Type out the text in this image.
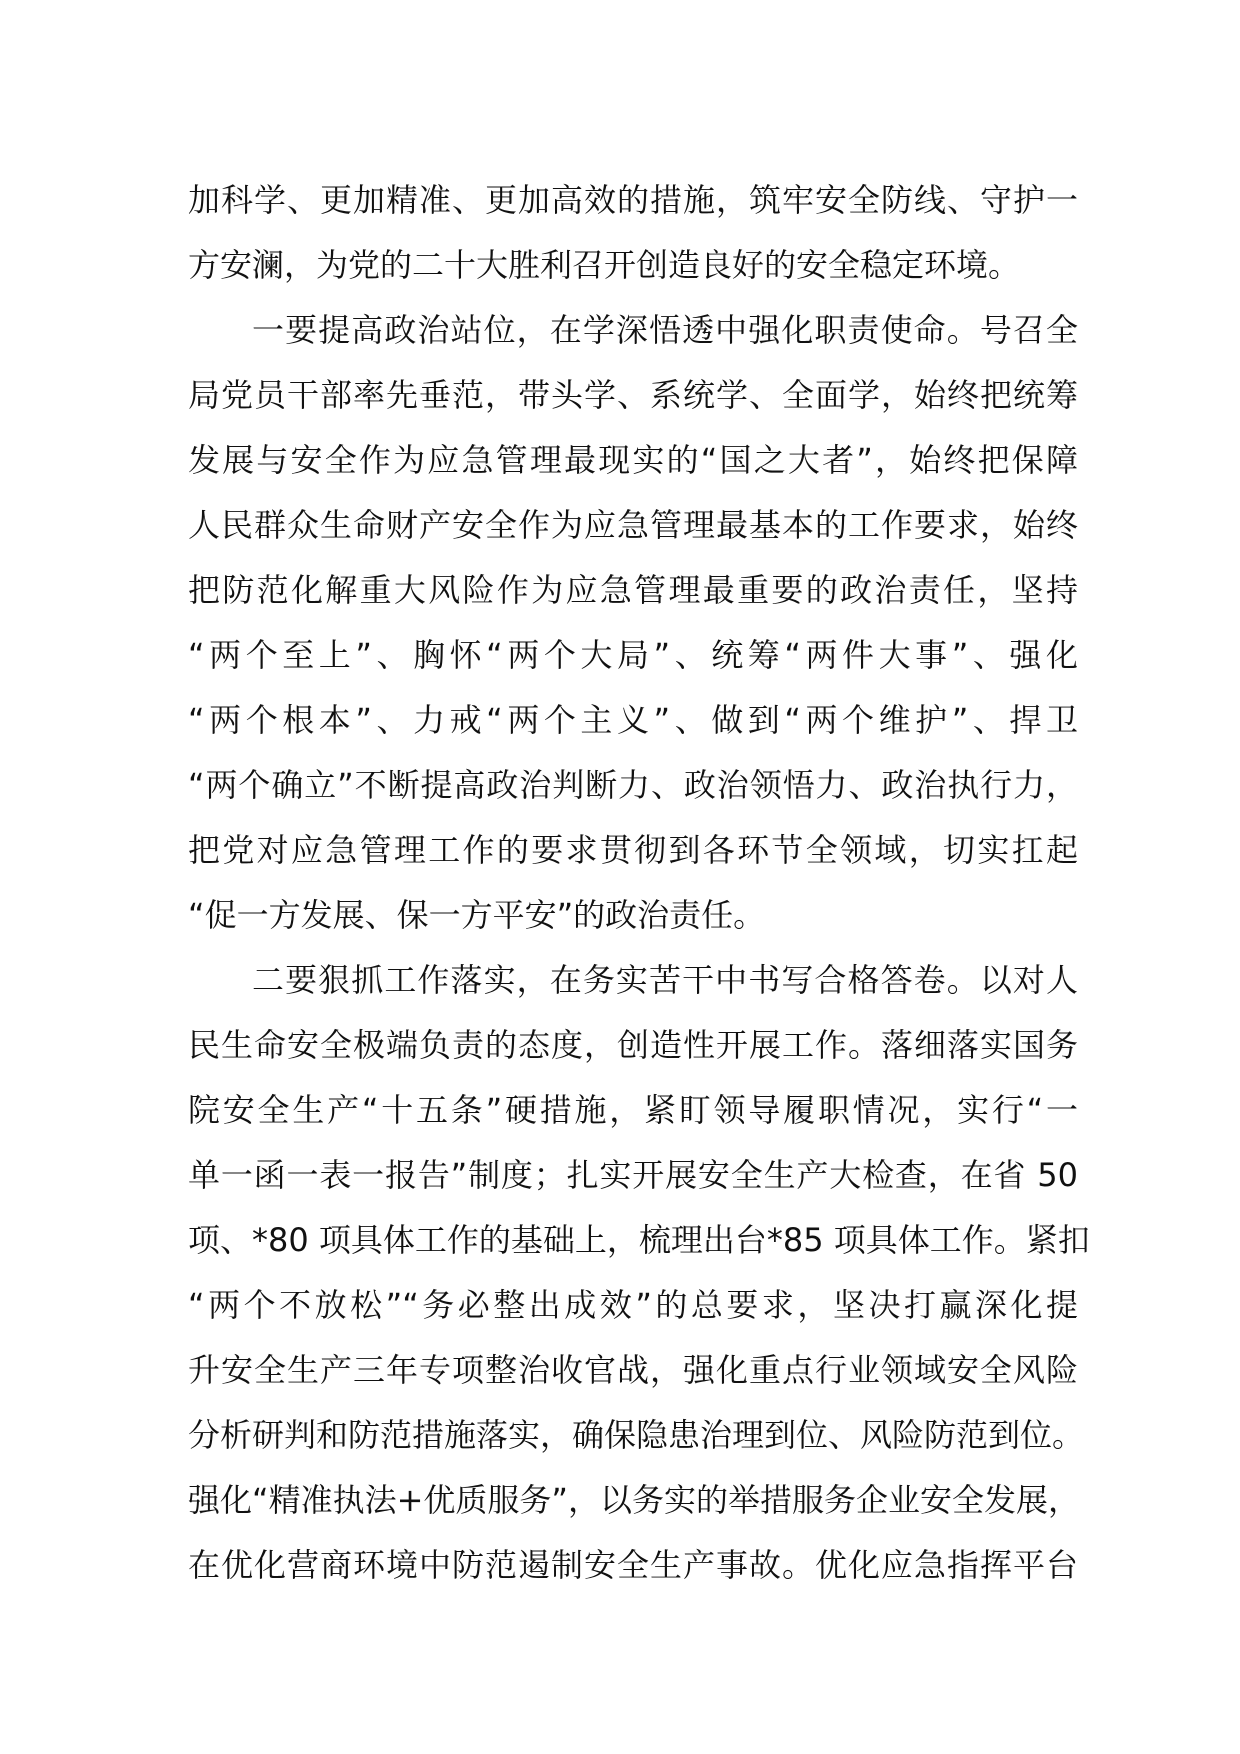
加科学、更加精准、更加高效的措施，筑牢安全防线、守护一
方安澜，为党的二十大胜利召开创造良好的安全稳定环境。
一要提高政治站位，在学深悟透中强化职责使命。号召全
局党员干部率先垂范，带头学、系统学、全面学，始终把统筹
发展与安全作为应急管理最现实的“国之大者”，始终把保障
人民群众生命财产安全作为应急管理最基本的工作要求，始终
把防范化解重大风险作为应急管理最重要的政治责任，坚持
“两个至上”、胸怀“两个大局”、统筹“两件大事”、强化
“两个根本”、力戒“两个主义”、做到“两个维护”、捍卫
“两个确立”不断提高政治判断力、政治领悟力、政治执行力，
把党对应急管理工作的要求贯彻到各环节全领域，切实扛起
“促一方发展、保一方平安”的政治责任。
二要狠抓工作落实，在务实苦干中书写合格答卷。以对人
民生命安全极端负责的态度，创造性开展工作。落细落实国务
院安全生产“十五条”硬措施，紧盯领导履职情况，实行“一
单一函一表一报告”制度；扎实开展安全生产大检查，在省 50
项、*80 项具体工作的基础上，梳理出台*85 项具体工作。紧扣
“两个不放松”“务必整出成效”的总要求，坚决打赢深化提
升安全生产三年专项整治收官战，强化重点行业领域安全风险
分析研判和防范措施落实，确保隐患治理到位、风险防范到位。
强化“精准执法+优质服务”，以务实的举措服务企业安全发展，
在优化营商环境中防范遏制安全生产事故。优化应急指挥平台
